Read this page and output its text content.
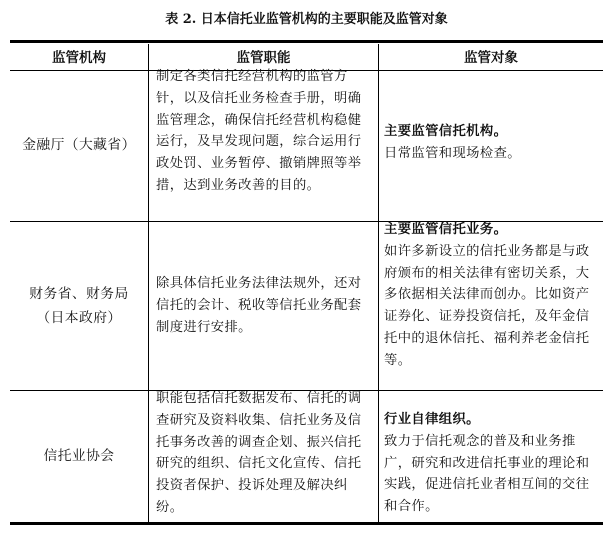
表 2. 日本信托业监管机构的主要职能及监管对象
监管机构	监管职能	监管对象
金融厅（大藏省）
制定各类信托经营机构的监管方针，以及信托业务检查手册，明确监管理念，确保信托经营机构稳健运行，及早发现问题，综合运用行政处罚、业务暂停、撤销牌照等举措，达到业务改善的目的。
主要监管信托机构。
日常监管和现场检查。
财务省、财务局（日本政府）
除具体信托业务法律法规外，还对信托的会计、税收等信托业务配套制度进行安排。
主要监管信托业务。
如许多新设立的信托业务都是与政府颁布的相关法律有密切关系，大多依据相关法律而创办。比如资产证券化、证券投资信托，及年金信托中的退休信托、福利养老金信托等。
信托业协会
职能包括信托数据发布、信托的调查研究及资料收集、信托业务及信托事务改善的调查企划、振兴信托研究的组织、信托文化宣传、信托投资者保护、投诉处理及解决纠纷。
行业自律组织。
致力于信托观念的普及和业务推广，研究和改进信托事业的理论和实践，促进信托业者相互间的交往和合作。
